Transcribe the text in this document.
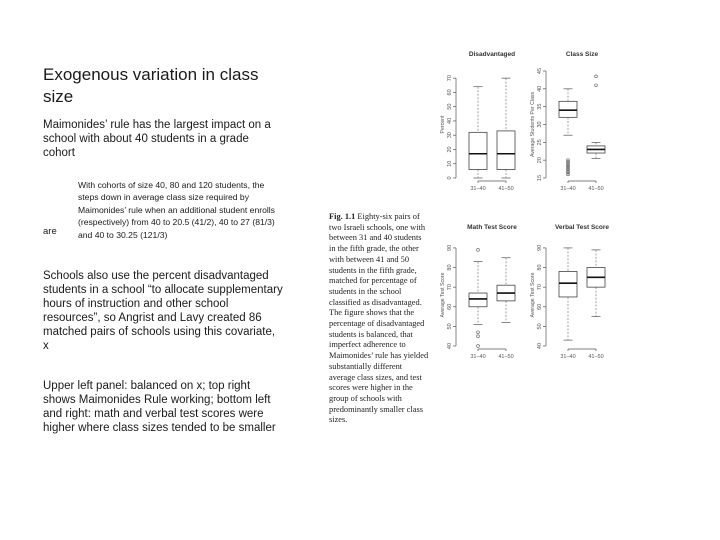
Exogenous variation in class size
Maimonides’ rule has the largest impact on a school with about 40 students in a grade cohort
are
With cohorts of size 40, 80 and 120 students, the steps down in average class size required by Maimonides’ rule when an additional student enrolls (respectively) from 40 to 20.5 (41/2), 40 to 27 (81/3) and 40 to 30.25 (121/3)
Schools also use the percent disadvantaged students in a school “to allocate supplementary hours of instruction and other school resources”, so Angrist and Lavy created 86 matched pairs of schools using this covariate, x
Upper left panel: balanced on x; top right shows Maimonides Rule working; bottom left and right: math and verbal test scores were higher where class sizes tended to be smaller
Fig. 1.1 Eighty-six pairs of two Israeli schools, one with between 31 and 40 students in the fifth grade, the other with between 41 and 50 students in the fifth grade, matched for percentage of students in the school classified as disadvantaged. The figure shows that the percentage of disadvantaged students is balanced, that imperfect adherence to Maimonides’ rule has yielded substantially different average class sizes, and test scores were higher in the group of schools with predominantly smaller class sizes.
Disadvantaged
0
10
20
30
40
50
60
70
Percent
31–40 41–50
Class Size
15
20
25
30
35
40
45
Average Students Per Class
31–40 41–50
Math Test Score
40
50
60
70
80
90
Average Test Score
31–40 41–50
Verbal Test Score
40
50
60
70
80
90
Average Test Score
31–40 41–50
